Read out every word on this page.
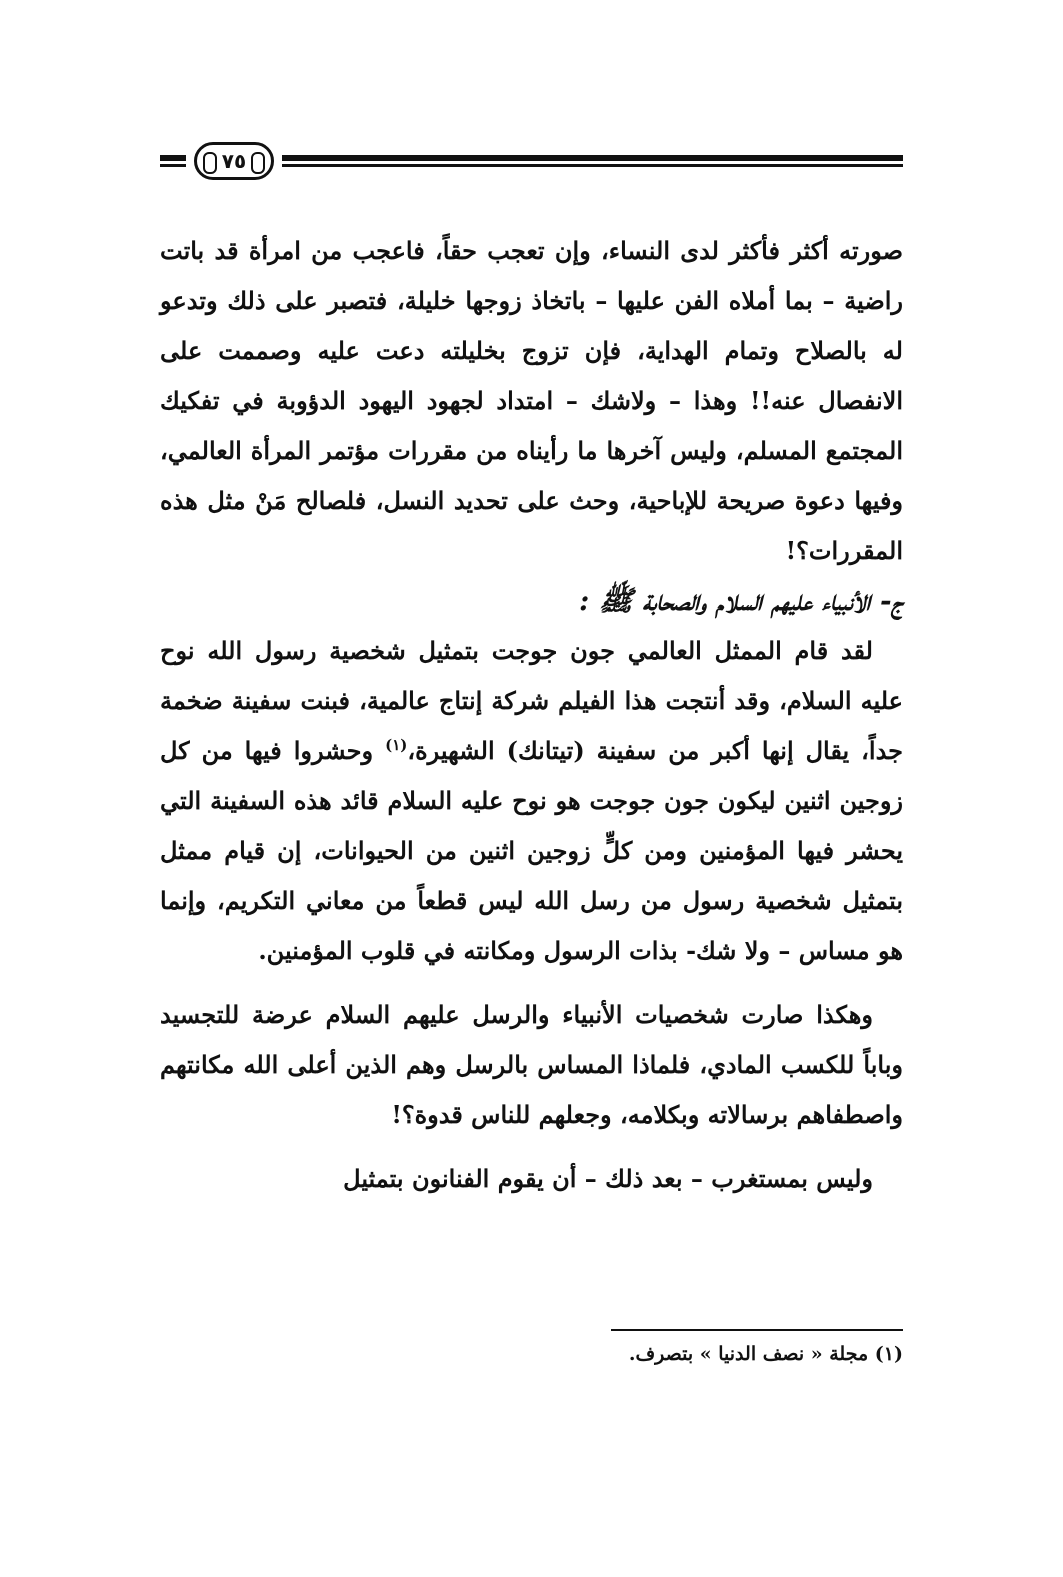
٧٥

صورته أكثر فأكثر لدى النساء، وإن تعجب حقاً، فاعجب من امرأة قد باتت راضية – بما أملاه الفن عليها – باتخاذ زوجها خليلة، فتصبر على ذلك وتدعو له بالصلاح وتمام الهداية، فإن تزوج بخليلته دعت عليه وصممت على الانفصال عنه!! وهذا – ولاشك – امتداد لجهود اليهود الدؤوبة في تفكيك المجتمع المسلم، وليس آخرها ما رأيناه من مقررات مؤتمر المرأة العالمي، وفيها دعوة صريحة للإباحية، وحث على تحديد النسل، فلصالح مَنْ مثل هذه المقررات؟!

ج- الأنبياء عليهم السلام والصحابة ﷺ :

لقد قام الممثل العالمي جون جوجت بتمثيل شخصية رسول الله نوح عليه السلام، وقد أنتجت هذا الفيلم شركة إنتاج عالمية، فبنت سفينة ضخمة جداً، يقال إنها أكبر من سفينة (تيتانك) الشهيرة،$^{(١)}$ وحشروا فيها من كل زوجين اثنين ليكون جون جوجت هو نوح عليه السلام قائد هذه السفينة التي يحشر فيها المؤمنين ومن كلٍّ زوجين اثنين من الحيوانات، إن قيام ممثل بتمثيل شخصية رسول من رسل الله ليس قطعاً من معاني التكريم، وإنما هو مساس – ولا شك- بذات الرسول ومكانته في قلوب المؤمنين.

وهكذا صارت شخصيات الأنبياء والرسل عليهم السلام عرضة للتجسيد وباباً للكسب المادي، فلماذا المساس بالرسل وهم الذين أعلى الله مكانتهم واصطفاهم برسالاته وبكلامه، وجعلهم للناس قدوة؟!

وليس بمستغرب – بعد ذلك – أن يقوم الفنانون بتمثيل

(١) مجلة « نصف الدنيا » بتصرف.
